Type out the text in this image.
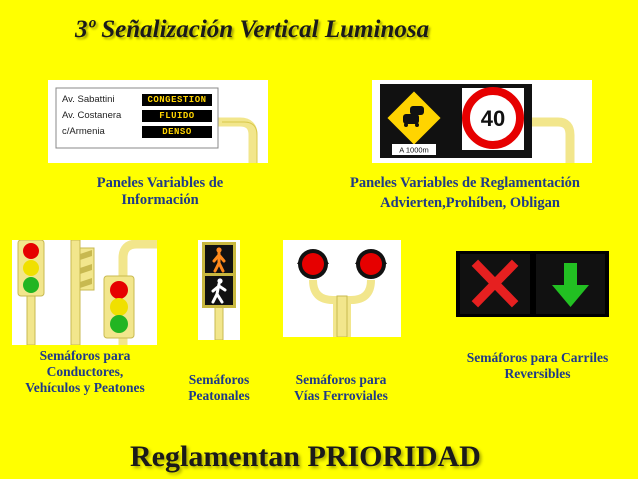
3º Señalización Vertical Luminosa
Av. Sabattini	CONGESTION
Av. Costanera	FLUIDO
c/Armenia	DENSO
Paneles Variables de
Información
A 1000m
40
Paneles Variables de Reglamentación
Advierten,Prohíben, Obligan
Semáforos para
Conductores,
Vehículos y Peatones
Semáforos
Peatonales
Semáforos para
Vías Ferroviales
Semáforos para Carriles
Reversibles
Reglamentan PRIORIDAD
